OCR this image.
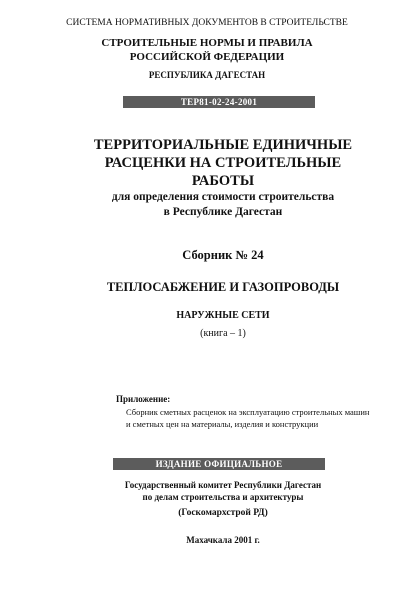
СИСТЕМА НОРМАТИВНЫХ ДОКУМЕНТОВ В СТРОИТЕЛЬСТВЕ
СТРОИТЕЛЬНЫЕ НОРМЫ И ПРАВИЛА
РОССИЙСКОЙ ФЕДЕРАЦИИ
РЕСПУБЛИКА ДАГЕСТАН
ТЕР81-02-24-2001
ТЕРРИТОРИАЛЬНЫЕ ЕДИНИЧНЫЕ
РАСЦЕНКИ НА СТРОИТЕЛЬНЫЕ
РАБОТЫ
для определения стоимости строительства
в Республике Дагестан
Сборник № 24
ТЕПЛОСАБЖЕНИЕ И ГАЗОПРОВОДЫ
НАРУЖНЫЕ СЕТИ
(книга – 1)
Приложение:
Сборник сметных расценок на эксплуатацию строительных машин
и сметных цен на материалы, изделия и конструкции
ИЗДАНИЕ ОФИЦИАЛЬНОЕ
Государственный комитет Республики Дагестан
по делам строительства и архитектуры
(Госкомархстрой РД)
Махачкала 2001 г.
